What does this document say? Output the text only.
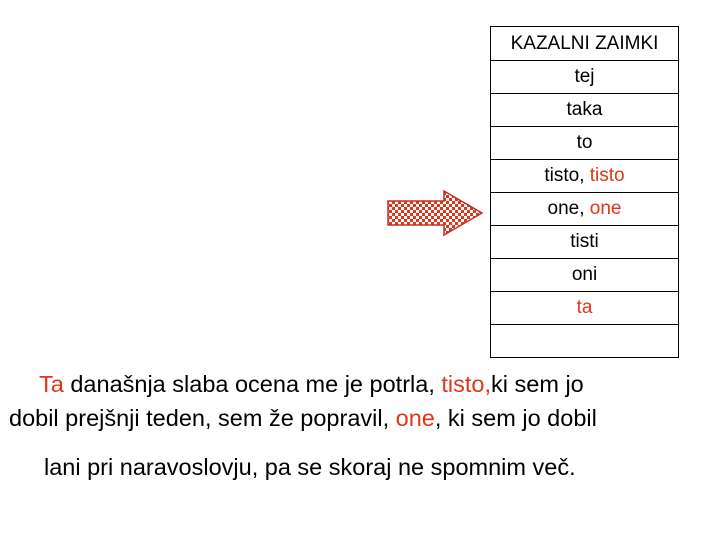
KAZALNI ZAIMKI
tej
taka
to
tisto, tisto
one, one
tisti
oni
ta
Ta današnja slaba ocena me je potrla, tisto,ki sem jo
dobil prejšnji teden, sem že popravil, one, ki sem jo dobil
lani pri naravoslovju, pa se skoraj ne spomnim več.
